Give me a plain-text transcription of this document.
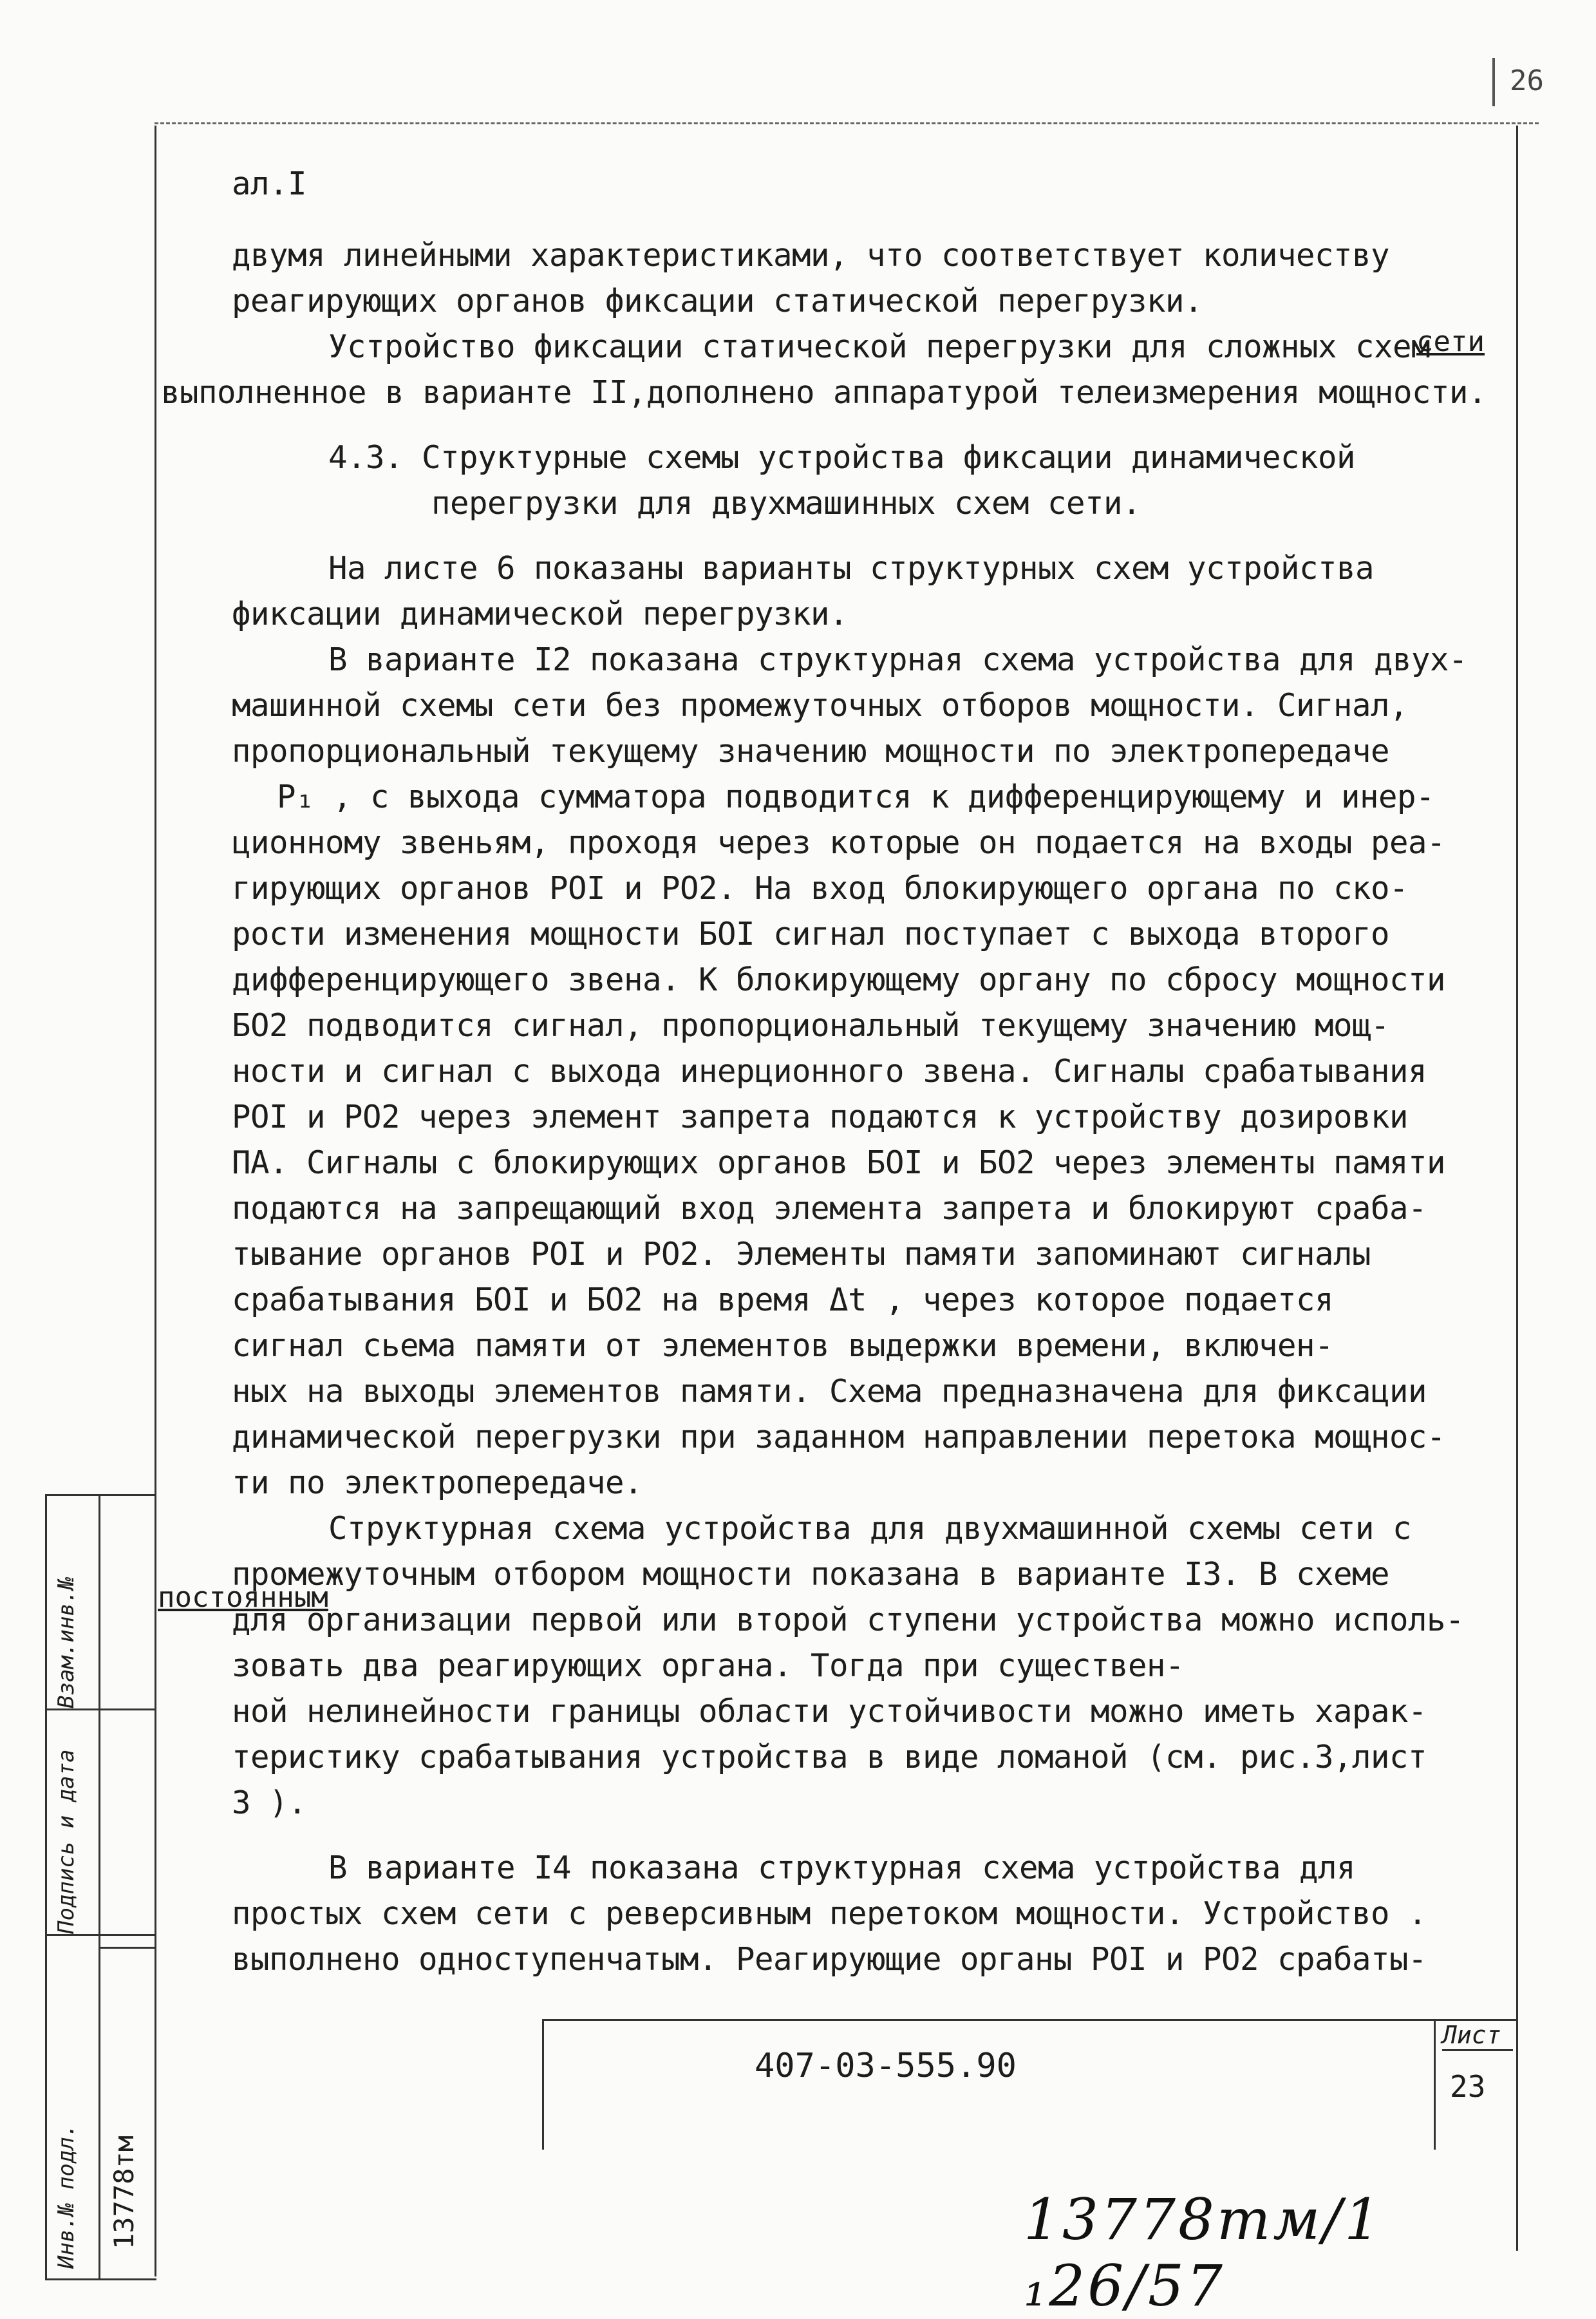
26
ал.I
двумя линейными характеристиками, что соответствует количеству
реагирующих органов фиксации статической перегрузки.
Устройство фиксации статической перегрузки для сложных схем
выполненное в варианте II,дополнено аппаратурой телеизмерения мощности.
4.3. Структурные схемы устройства фиксации динамической
перегрузки для двухмашинных схем сети.
На листе 6 показаны варианты структурных схем устройства
фиксации динамической перегрузки.
В варианте I2 показана структурная схема устройства для двух-
машинной схемы сети без промежуточных отборов мощности. Сигнал,
пропорциональный текущему значению мощности по электропередаче
P₁ , с выхода сумматора подводится к дифференцирующему и инер-
ционному звеньям, проходя через которые он подается на входы реа-
гирующих органов PОI и PО2. На вход блокирующего органа по ско-
рости изменения мощности БОI сигнал поступает с выхода второго
дифференцирующего звена. К блокирующему органу по сбросу мощности
БО2 подводится сигнал, пропорциональный текущему значению мощ-
ности и сигнал с выхода инерционного звена. Сигналы срабатывания
PОI и PО2 через элемент запрета подаются к устройству дозировки
ПА. Сигналы с блокирующих органов БОI и БО2 через элементы памяти
подаются на запрещающий вход элемента запрета и блокируют сраба-
тывание органов PОI и PО2. Элементы памяти запоминают сигналы
срабатывания БОI и БО2 на время Δt , через которое подается
сигнал сьема памяти от элементов выдержки времени, включен-
ных на выходы элементов памяти. Схема предназначена для фиксации
динамической перегрузки при заданном направлении перетока мощнос-
ти по электропередаче.
Структурная схема устройства для двухмашинной схемы сети с
промежуточным отбором мощности показана в варианте I3. В схеме
для организации первой или второй ступени устройства можно исполь-
зовать два реагирующих органа. Тогда при существен-
ной нелинейности границы области устойчивости можно иметь харак-
теристику срабатывания устройства в виде ломаной (см. рис.3,лист
3 ).
В варианте I4 показана структурная схема устройства для
простых схем сети с реверсивным перетоком мощности. Устройство .
выполнено одноступенчатым. Реагирующие органы PОI и PО2 срабаты-
сети
постоянным
407-03-555.90
Лист
23
Инв.№ подл.
Подпись и дата
Взам.инв.№
13778тм	13778тм/1 ₁26/57
